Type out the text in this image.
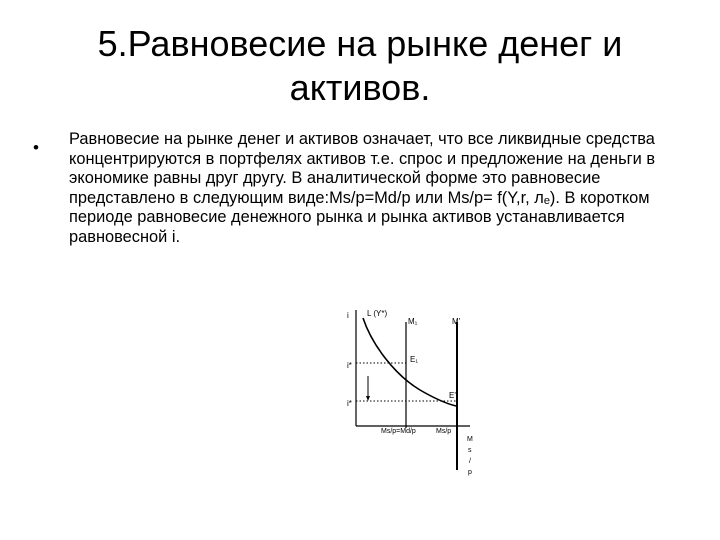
5.Равновесие на рынке денег и
активов.
• Равновесие на рынке денег и активов означает, что все ликвидные средства концентрируются в портфелях активов т.е. спрос и предложение на деньги в экономике равны друг другу. В аналитической форме это равновесие представлено в следующим виде:Ms/p=Md/p или Ms/p= f(Y,r, лₑ). В коротком периоде равновесие денежного рынка и рынка активов устанавливается равновесной i.

i L (Y*)
M₁	M'
i*
i*
E₁
E'
Ms/p=Md/p	Ms/p
M
s
/
p
